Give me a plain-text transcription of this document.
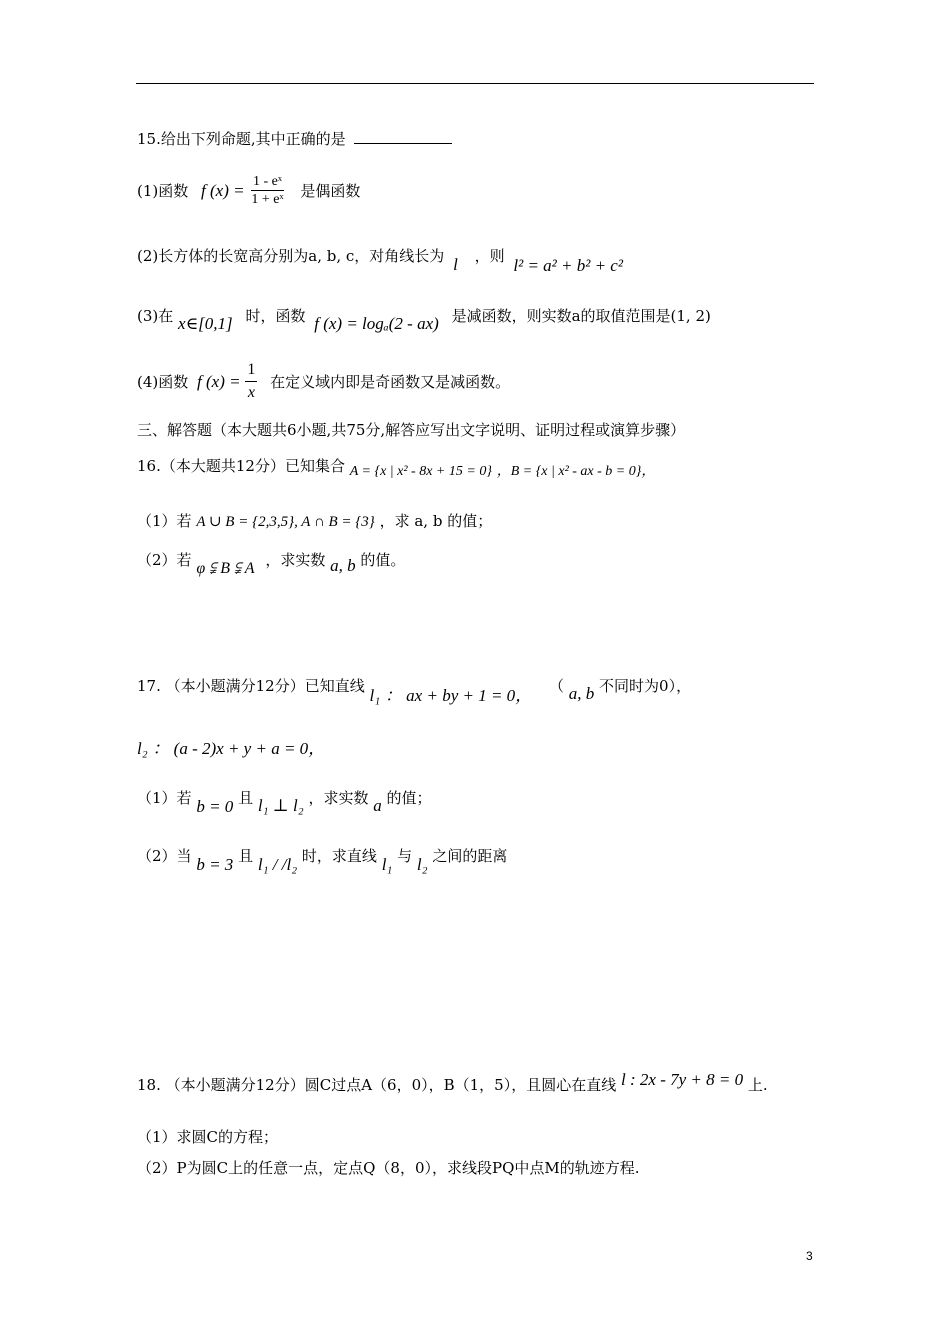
15.给出下列命题,其中正确的是
(1)函数 f $(x) = \frac{\text{1 - eˣ}}{\text{1 + eˣ}}$ 是偶函数
(2)长方体的长宽高分别为a, b, c，对角线长为 l ，则 l² = a² + b² + c²
(3)在 x∈[0,1] 时，函数 f (x) = logₐ(2 - ax) 是减函数，则实数a的取值范围是(1, 2)
(4)函数 f $(x) = \frac{1}{x}$ 在定义域内即是奇函数又是减函数。
三、解答题（本大题共6小题,共75分,解答应写出文字说明、证明过程或演算步骤）
16.（本大题共12分）已知集合 A = {x | x² - 8x + 15 = 0} ，B = {x | x² - ax - b = 0}，
（1）若 A ∪ B = {2,3,5}, A ∩ B = {3} ，求 a, b 的值；
（2）若 φ ⫋ B ⫋ A ，求实数 a, b 的值。
17. （本小题满分12分）已知直线 l₁ ： ax + by + 1 = 0， （ a, b 不同时为0），
l₂ ： (a - 2)x + y + a = 0，
（1）若 b = 0 且 l₁ ⊥ l₂ ，求实数 a 的值；
（2）当 b = 3 且 l₁ / /l₂ 时，求直线 l₁ 与 l₂ 之间的距离
18. （本小题满分12分）圆C过点A（6，0），B（1，5），且圆心在直线 l : 2x - 7y + 8 = 0 上.
（1）求圆C的方程；
（2）P为圆C上的任意一点，定点Q（8，0），求线段PQ中点M的轨迹方程.
3
